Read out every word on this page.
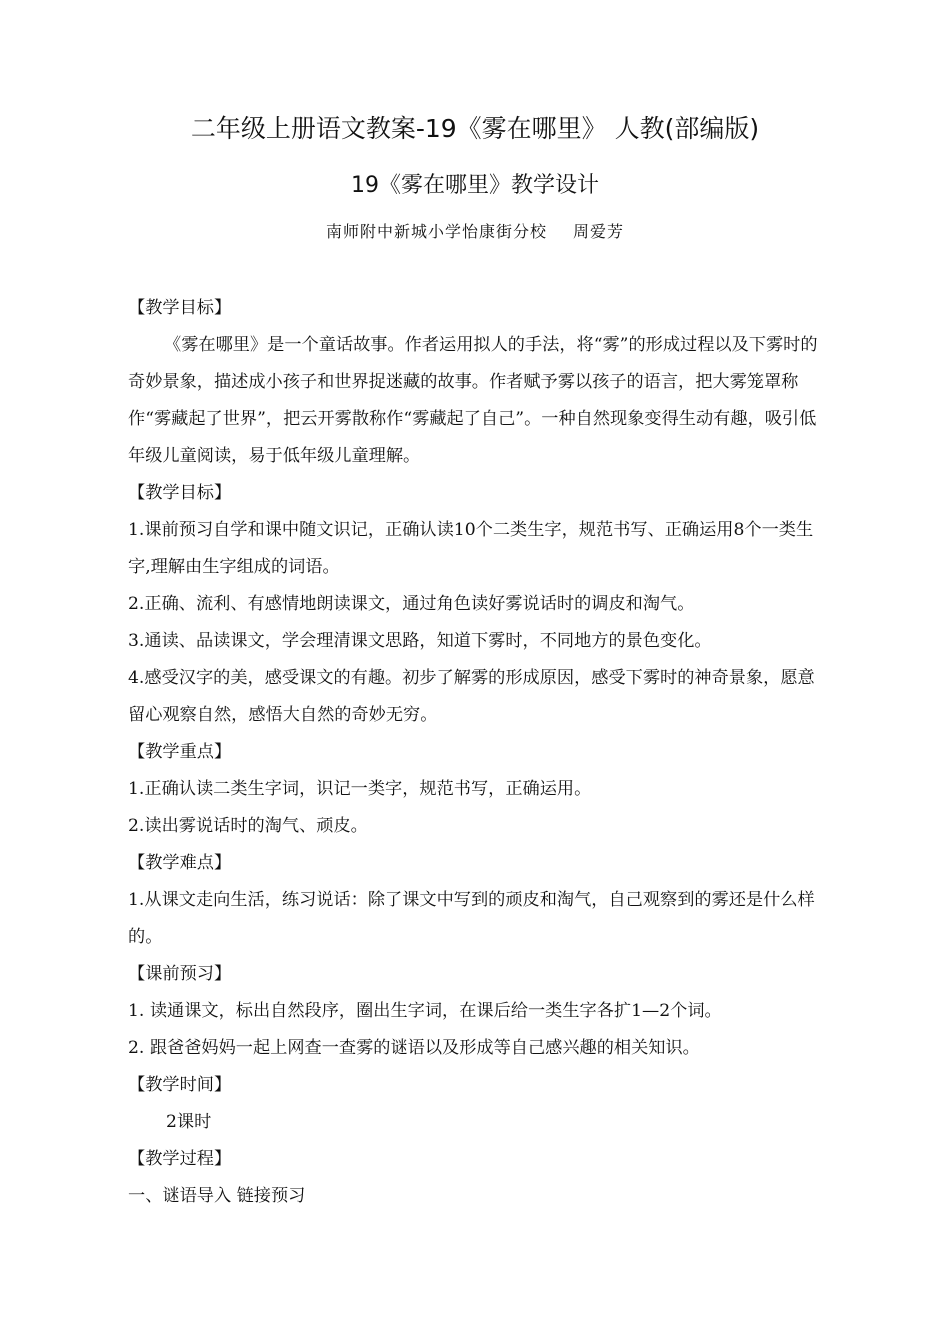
二年级上册语文教案-19《雾在哪里》 人教(部编版)
19《雾在哪里》教学设计
南师附中新城小学怡康街分校 周爱芳

【教学目标】

《雾在哪里》是一个童话故事。作者运用拟人的手法，将“雾”的形成过程以及下雾时的奇妙景象，描述成小孩子和世界捉迷藏的故事。作者赋予雾以孩子的语言，把大雾笼罩称作“雾藏起了世界”，把云开雾散称作“雾藏起了自己”。一种自然现象变得生动有趣，吸引低年级儿童阅读，易于低年级儿童理解。

【教学目标】

1.课前预习自学和课中随文识记，正确认读10个二类生字，规范书写、正确运用8个一类生字,理解由生字组成的词语。

2.正确、流利、有感情地朗读课文，通过角色读好雾说话时的调皮和淘气。

3.通读、品读课文，学会理清课文思路，知道下雾时，不同地方的景色变化。

4.感受汉字的美，感受课文的有趣。初步了解雾的形成原因，感受下雾时的神奇景象，愿意留心观察自然，感悟大自然的奇妙无穷。

【教学重点】

1.正确认读二类生字词，识记一类字，规范书写，正确运用。

2.读出雾说话时的淘气、顽皮。

【教学难点】

1.从课文走向生活，练习说话：除了课文中写到的顽皮和淘气，自己观察到的雾还是什么样的。

【课前预习】

1. 读通课文，标出自然段序，圈出生字词，在课后给一类生字各扩1—2个词。

2. 跟爸爸妈妈一起上网查一查雾的谜语以及形成等自己感兴趣的相关知识。

【教学时间】

2课时

【教学过程】

一、谜语导入 链接预习
